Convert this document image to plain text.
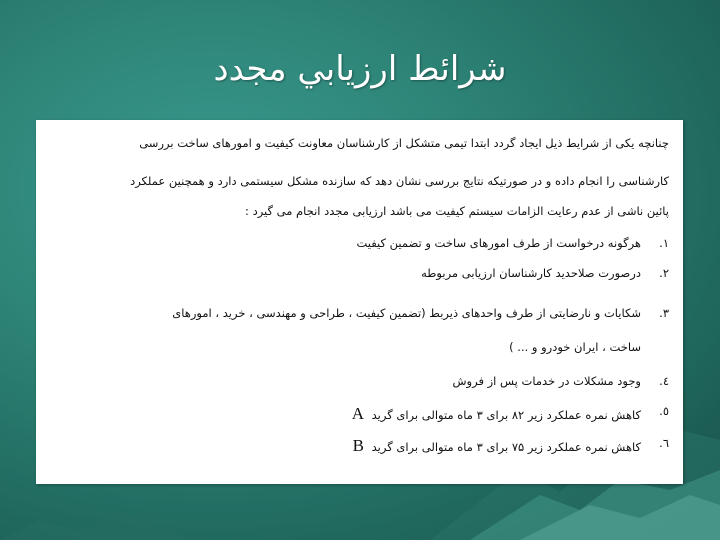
شرائط ارزيابي مجدد
چنانچه یکی از شرایط ذیل ایجاد گردد ابتدا تیمی متشکل از کارشناسان معاونت کیفیت و امورهای ساخت بررسی
کارشناسی را انجام داده و در صورتیکه نتایج بررسی نشان دهد که سازنده مشکل سیستمی دارد و همچنین عملکرد
پائین ناشی از عدم رعایت الزامات سیستم کیفیت می باشد ارزیابی مجدد انجام می گیرد :
۱.
هرگونه درخواست از طرف امورهای ساخت و تضمین کیفیت
۲.
درصورت صلاحدید کارشناسان ارزیابی مربوطه
۳.
شکایات و نارضایتی از طرف واحدهای ذیربط (تضمین کیفیت ، طراحی و مهندسی ، خرید ، امورهای
ساخت ، ایران خودرو و ... )
٤.
وجود مشکلات در خدمات پس از فروش
٥.
کاهش نمره عملکرد زیر ۸۲ برای ۳ ماه متوالی برای گرید A
٦.
کاهش نمره عملکرد زیر ۷۵ برای ۳ ماه متوالی برای گرید B
